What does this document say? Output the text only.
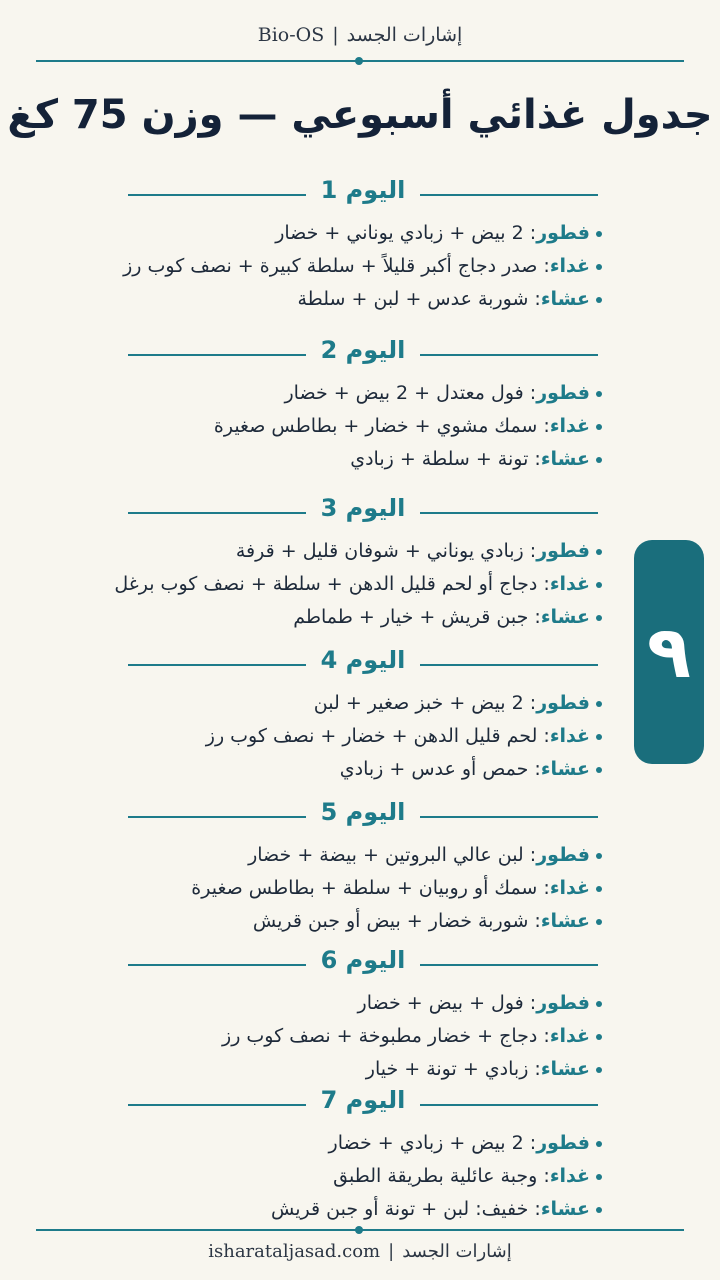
إشارات الجسد|Bio-OS
جدول غذائي أسبوعي — وزن 75 كغ
اليوم 1
فطور: 2 بيض + زبادي يوناني + خضار
غداء: صدر دجاج أكبر قليلاً + سلطة كبيرة + نصف كوب رز
عشاء: شوربة عدس + لبن + سلطة
اليوم 2
فطور: فول معتدل + 2 بيض + خضار
غداء: سمك مشوي + خضار + بطاطس صغيرة
عشاء: تونة + سلطة + زبادي
اليوم 3
فطور: زبادي يوناني + شوفان قليل + قرفة
غداء: دجاج أو لحم قليل الدهن + سلطة + نصف كوب برغل
عشاء: جبن قريش + خيار + طماطم
اليوم 4
فطور: 2 بيض + خبز صغير + لبن
غداء: لحم قليل الدهن + خضار + نصف كوب رز
عشاء: حمص أو عدس + زبادي
اليوم 5
فطور: لبن عالي البروتين + بيضة + خضار
غداء: سمك أو روبيان + سلطة + بطاطس صغيرة
عشاء: شوربة خضار + بيض أو جبن قريش
اليوم 6
فطور: فول + بيض + خضار
غداء: دجاج + خضار مطبوخة + نصف كوب رز
عشاء: زبادي + تونة + خيار
اليوم 7
فطور: 2 بيض + زبادي + خضار
غداء: وجبة عائلية بطريقة الطبق
عشاء: خفيف: لبن + تونة أو جبن قريش
٩
إشارات الجسد|isharataljasad.com
